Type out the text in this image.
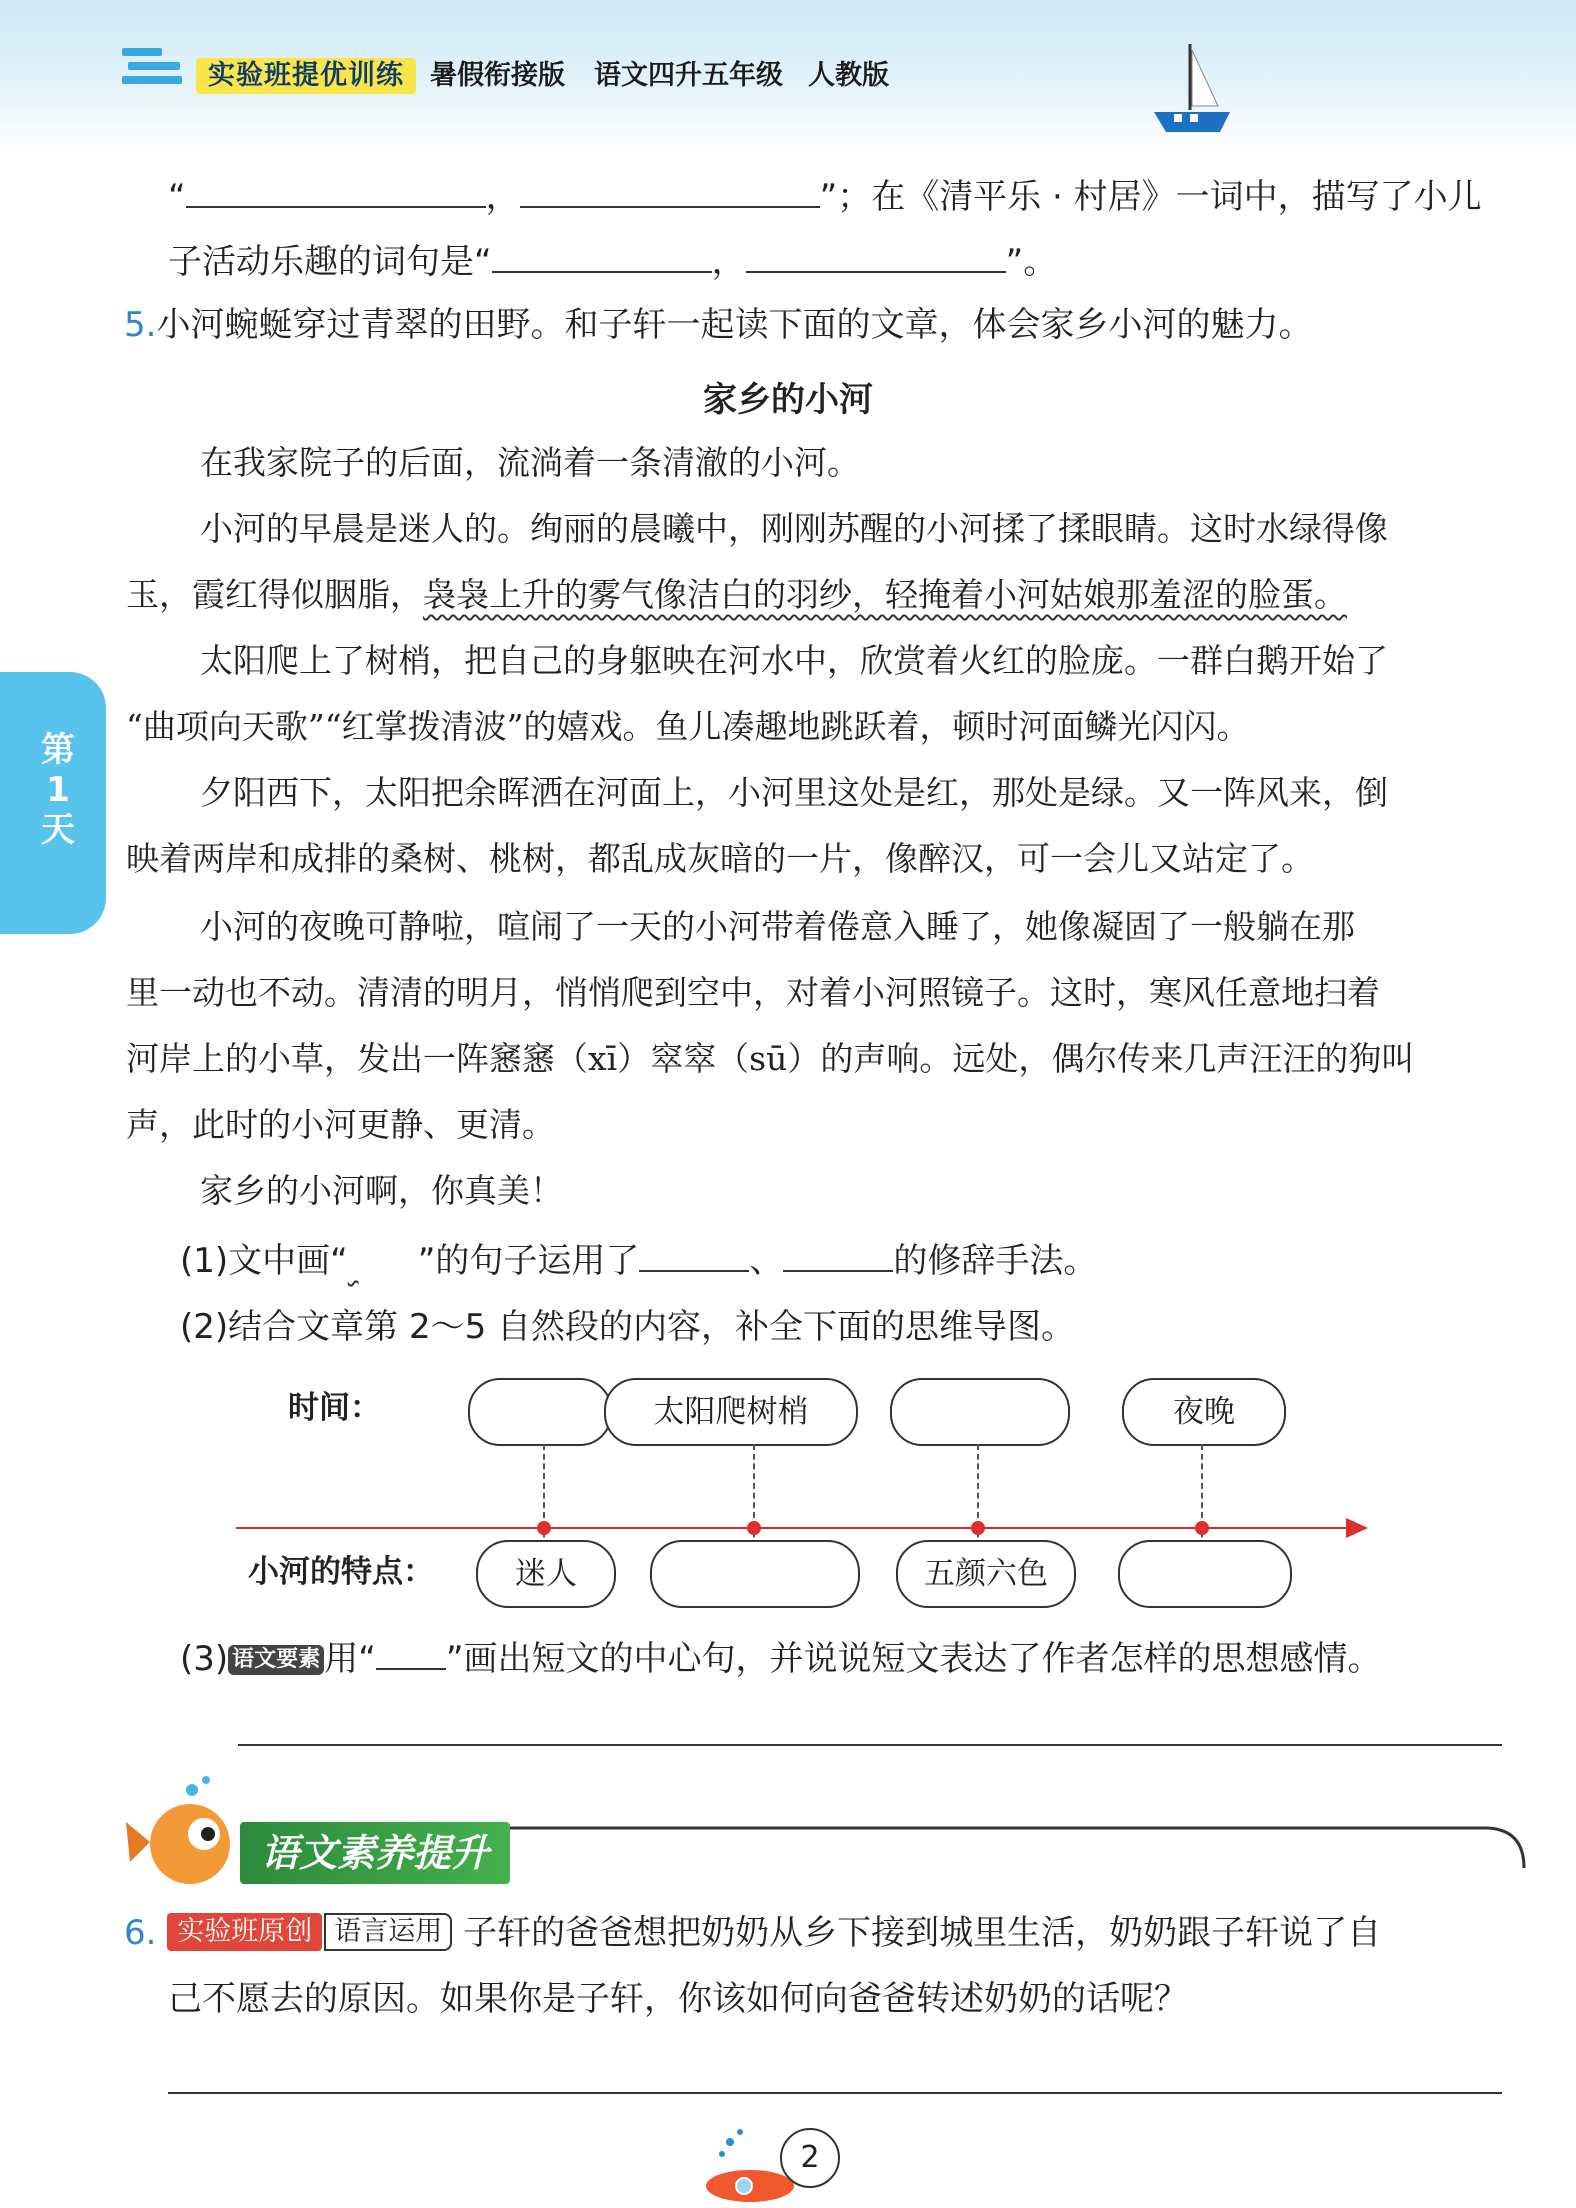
实验班提优训练 暑假衔接版 语文四升五年级 人教版
第1天
“	，	”；在《清平乐 · 村居》一词中，描写了小儿
子活动乐趣的词句是“	，	”。
5.小河蜿蜒穿过青翠的田野。和子轩一起读下面的文章，体会家乡小河的魅力。
家乡的小河
在我家院子的后面，流淌着一条清澈的小河。
小河的早晨是迷人的。绚丽的晨曦中，刚刚苏醒的小河揉了揉眼睛。这时水绿得像
玉，霞红得似胭脂，袅袅上升的雾气像洁白的羽纱，轻掩着小河姑娘那羞涩的脸蛋。
太阳爬上了树梢，把自己的身躯映在河水中，欣赏着火红的脸庞。一群白鹅开始了
“曲项向天歌”“红掌拨清波”的嬉戏。鱼儿凑趣地跳跃着，顿时河面鳞光闪闪。
夕阳西下，太阳把余晖洒在河面上，小河里这处是红，那处是绿。又一阵风来，倒
映着两岸和成排的桑树、桃树，都乱成灰暗的一片，像醉汉，可一会儿又站定了。
小河的夜晚可静啦，喧闹了一天的小河带着倦意入睡了，她像凝固了一般躺在那
里一动也不动。清清的明月，悄悄爬到空中，对着小河照镜子。这时，寒风任意地扫着
河岸上的小草，发出一阵窸窸（xī）窣窣（sū）的声响。远处，偶尔传来几声汪汪的狗叫
声，此时的小河更静、更清。
家乡的小河啊，你真美！
(1)文中画“ ”的句子运用了	、	的修辞手法。
(2)结合文章第 2～5 自然段的内容，补全下面的思维导图。
时间：
小河的特点：
太阳爬树梢	夜晚
迷人	五颜六色
(3) 语文要素 用“ ”画出短文的中心句，并说说短文表达了作者怎样的思想感情。
语文素养提升
6. 实验班原创 语言运用 子轩的爸爸想把奶奶从乡下接到城里生活，奶奶跟子轩说了自
己不愿去的原因。如果你是子轩，你该如何向爸爸转述奶奶的话呢？
2
